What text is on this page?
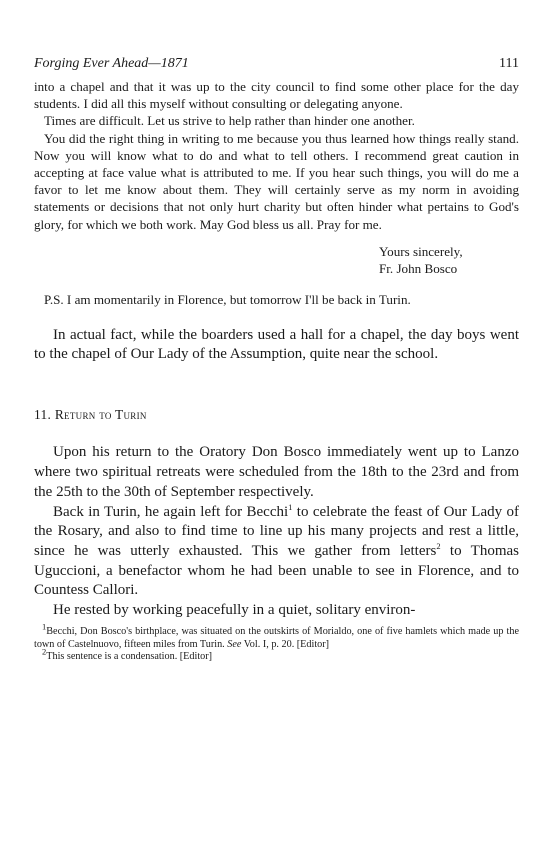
Forging Ever Ahead—1871	111

into a chapel and that it was up to the city council to find some other place for the day students. I did all this myself without consulting or delegating anyone.

Times are difficult. Let us strive to help rather than hinder one another.

You did the right thing in writing to me because you thus learned how things really stand. Now you will know what to do and what to tell others. I recommend great caution in accepting at face value what is attributed to me. If you hear such things, you will do me a favor to let me know about them. They will certainly serve as my norm in avoiding statements or decisions that not only hurt charity but often hinder what pertains to God's glory, for which we both work. May God bless us all. Pray for me.

Yours sincerely,
Fr. John Bosco

P.S. I am momentarily in Florence, but tomorrow I'll be back in Turin.

In actual fact, while the boarders used a hall for a chapel, the day boys went to the chapel of Our Lady of the Assumption, quite near the school.

11. Return to Turin

Upon his return to the Oratory Don Bosco immediately went up to Lanzo where two spiritual retreats were scheduled from the 18th to the 23rd and from the 25th to the 30th of September respectively.

Back in Turin, he again left for Becchi$^1$ to celebrate the feast of Our Lady of the Rosary, and also to find time to line up his many projects and rest a little, since he was utterly exhausted. This we gather from letters$^2$ to Thomas Uguccioni, a benefactor whom he had been unable to see in Florence, and to Countess Callori.

He rested by working peacefully in a quiet, solitary environ-

$^1$Becchi, Don Bosco's birthplace, was situated on the outskirts of Morialdo, one of five hamlets which made up the town of Castelnuovo, fifteen miles from Turin. See Vol. I, p. 20. [Editor]

$^2$This sentence is a condensation. [Editor]
